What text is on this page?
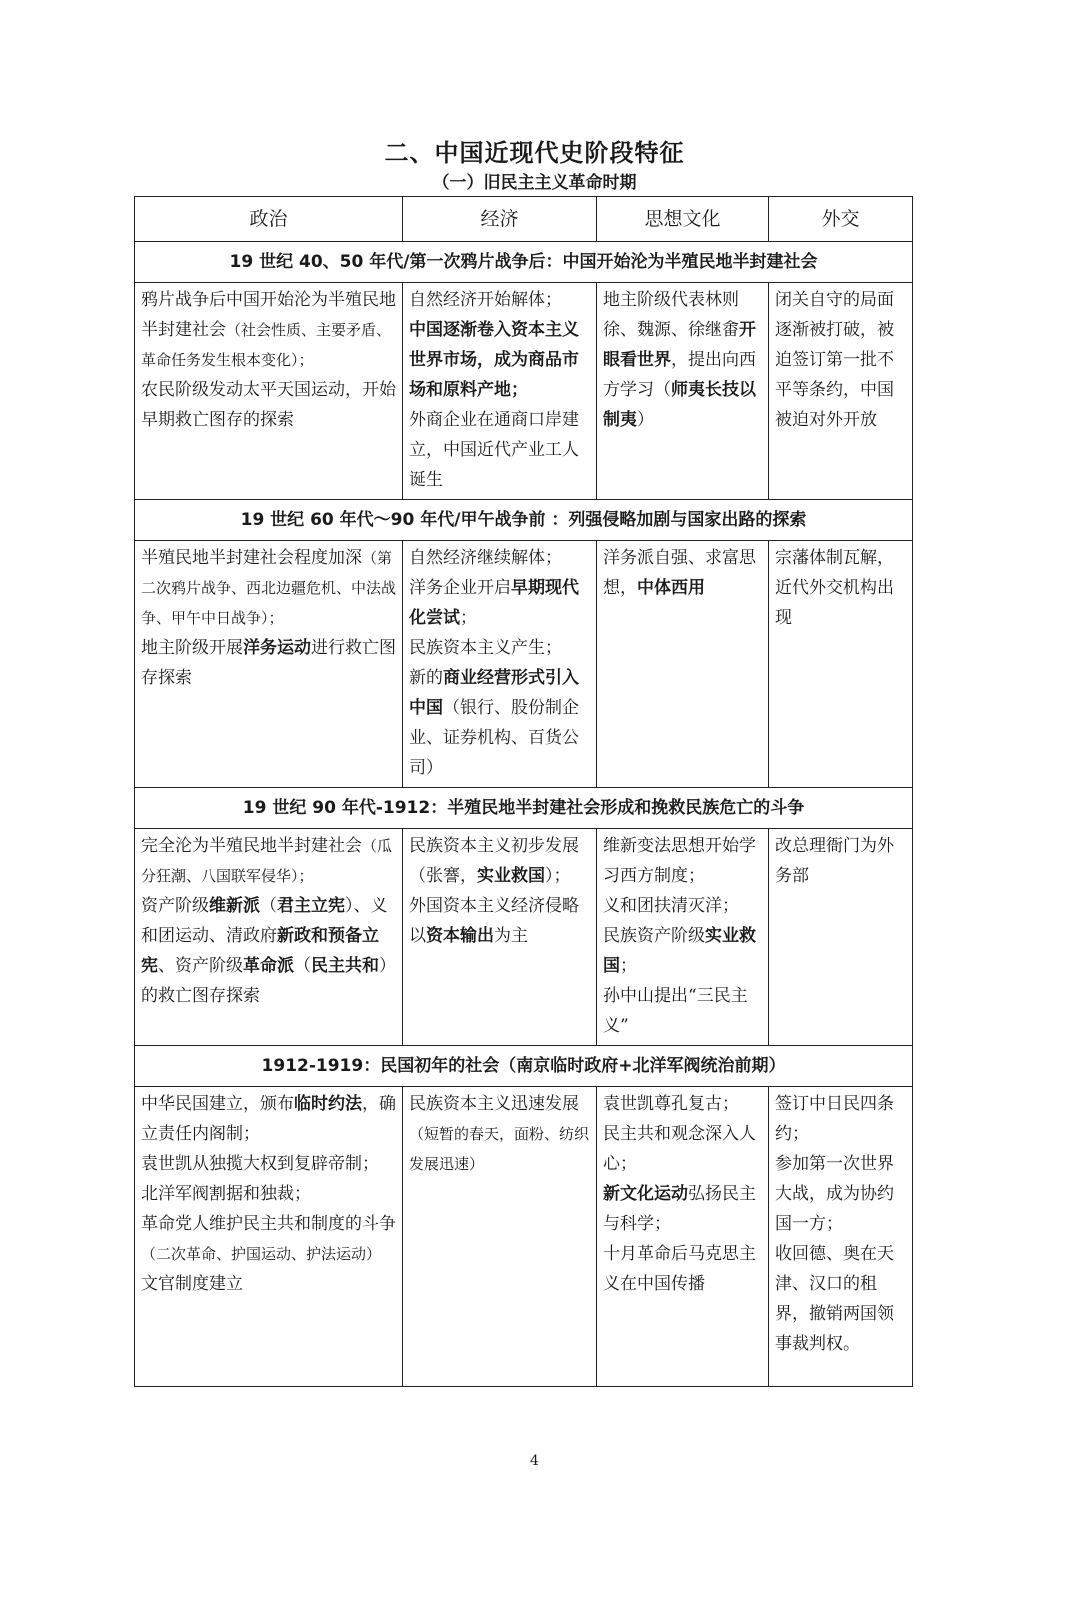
二、中国近现代史阶段特征
（一）旧民主主义革命时期
政治	经济	思想文化	外交
19 世纪 40、50 年代/第一次鸦片战争后：中国开始沦为半殖民地半封建社会			

鸦片战争后中国开始沦为半殖民地半封建社会（社会性质、主要矛盾、革命任务发生根本变化）；
农民阶级发动太平天国运动，开始早期救亡图存的探索	自然经济开始解体；
中国逐渐卷入资本主义世界市场，成为商品市场和原料产地；
外商企业在通商口岸建立，中国近代产业工人诞生	地主阶级代表林则徐、魏源、徐继畬开眼看世界，提出向西方学习（师夷长技以制夷）	闭关自守的局面逐渐被打破，被迫签订第一批不平等条约，中国被迫对外开放

19 世纪 60 年代～90 年代/甲午战争前 ：列强侵略加剧与国家出路的探索			

半殖民地半封建社会程度加深（第二次鸦片战争、西北边疆危机、中法战争、甲午中日战争）；
地主阶级开展洋务运动进行救亡图存探索	自然经济继续解体；
洋务企业开启早期现代化尝试；
民族资本主义产生；
新的商业经营形式引入中国（银行、股份制企业、证券机构、百货公司）	洋务派自强、求富思想，中体西用	宗藩体制瓦解，近代外交机构出现

19 世纪 90 年代-1912：半殖民地半封建社会形成和挽救民族危亡的斗争			

完全沦为半殖民地半封建社会（瓜分狂潮、八国联军侵华）；
资产阶级维新派（君主立宪）、义和团运动、清政府新政和预备立宪、资产阶级革命派（民主共和）的救亡图存探索	民族资本主义初步发展（张謇，实业救国）；
外国资本主义经济侵略以资本输出为主	维新变法思想开始学习西方制度；
义和团扶清灭洋；
民族资产阶级实业救国；
孙中山提出“三民主义”	改总理衙门为外务部

1912-1919：民国初年的社会（南京临时政府+北洋军阀统治前期）			

中华民国建立，颁布临时约法，确立责任内阁制；
袁世凯从独揽大权到复辟帝制；
北洋军阀割据和独裁；
革命党人维护民主共和制度的斗争（二次革命、护国运动、护法运动）
文官制度建立	民族资本主义迅速发展（短暂的春天，面粉、纺织发展迅速）	袁世凯尊孔复古；
民主共和观念深入人心；
新文化运动弘扬民主与科学；
十月革命后马克思主义在中国传播	签订中日民四条约；
参加第一次世界大战，成为协约国一方；
收回德、奥在天津、汉口的租界，撤销两国领事裁判权。
4
